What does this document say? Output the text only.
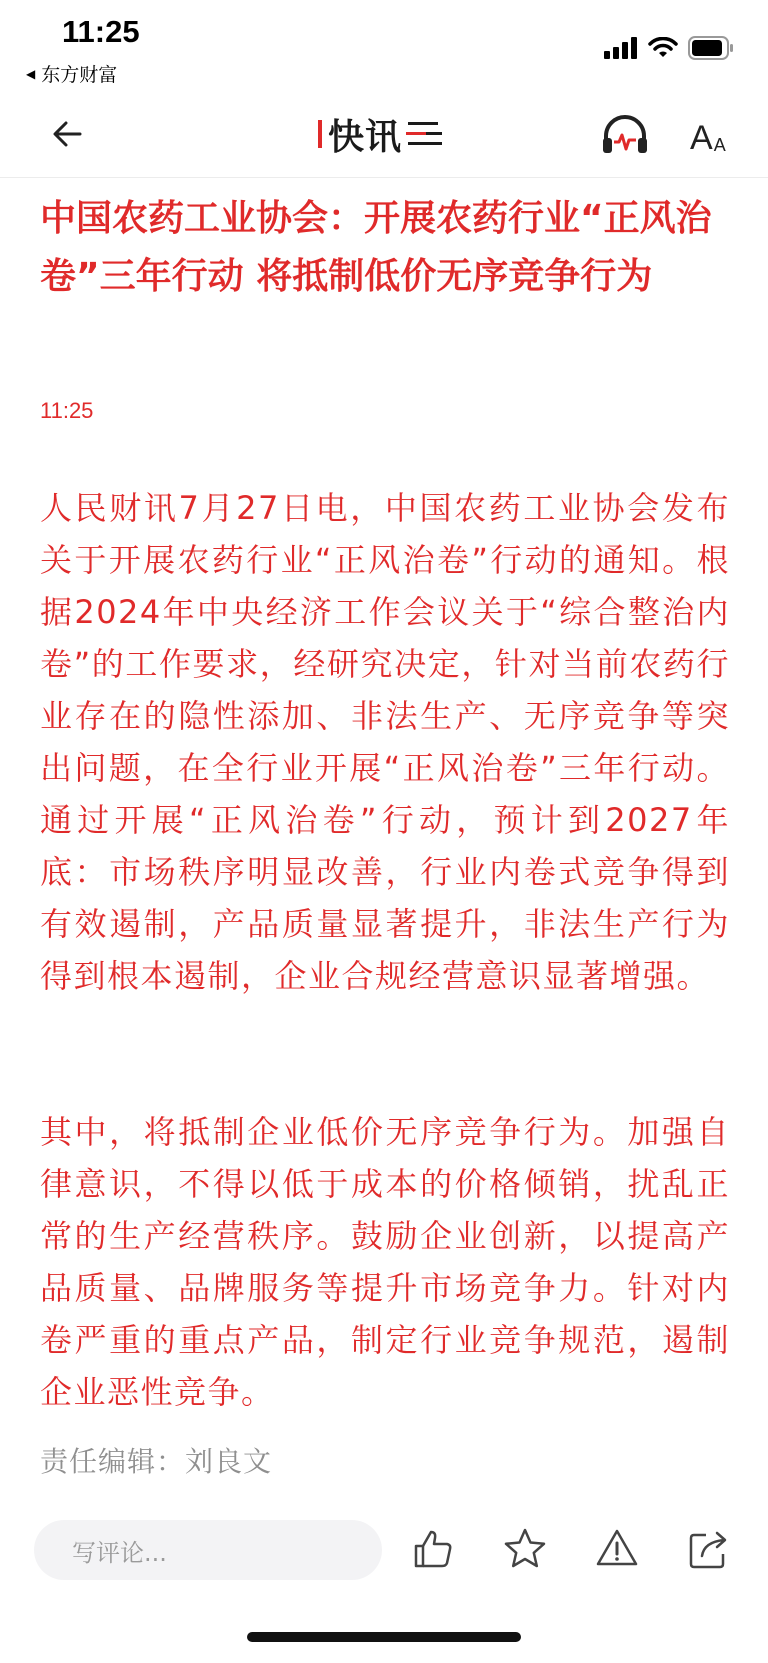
11:25
◀ 东方财富
快讯	A A
中国农药工业协会：开展农药行业“正风治卷”三年行动 将抵制低价无序竞争行为
11:25
人民财讯7月27日电，中国农药工业协会发布关于开展农药行业“正风治卷”行动的通知。根据2024年中央经济工作会议关于“综合整治内卷”的工作要求，经研究决定，针对当前农药行业存在的隐性添加、非法生产、无序竞争等突出问题，在全行业开展“正风治卷”三年行动。通过开展“正风治卷”行动，预计到2027年底：市场秩序明显改善，行业内卷式竞争得到有效遏制，产品质量显著提升，非法生产行为得到根本遏制，企业合规经营意识显著增强。
其中，将抵制企业低价无序竞争行为。加强自律意识，不得以低于成本的价格倾销，扰乱正常的生产经营秩序。鼓励企业创新，以提高产品质量、品牌服务等提升市场竞争力。针对内卷严重的重点产品，制定行业竞争规范，遏制企业恶性竞争。
责任编辑：刘良文
写评论...
